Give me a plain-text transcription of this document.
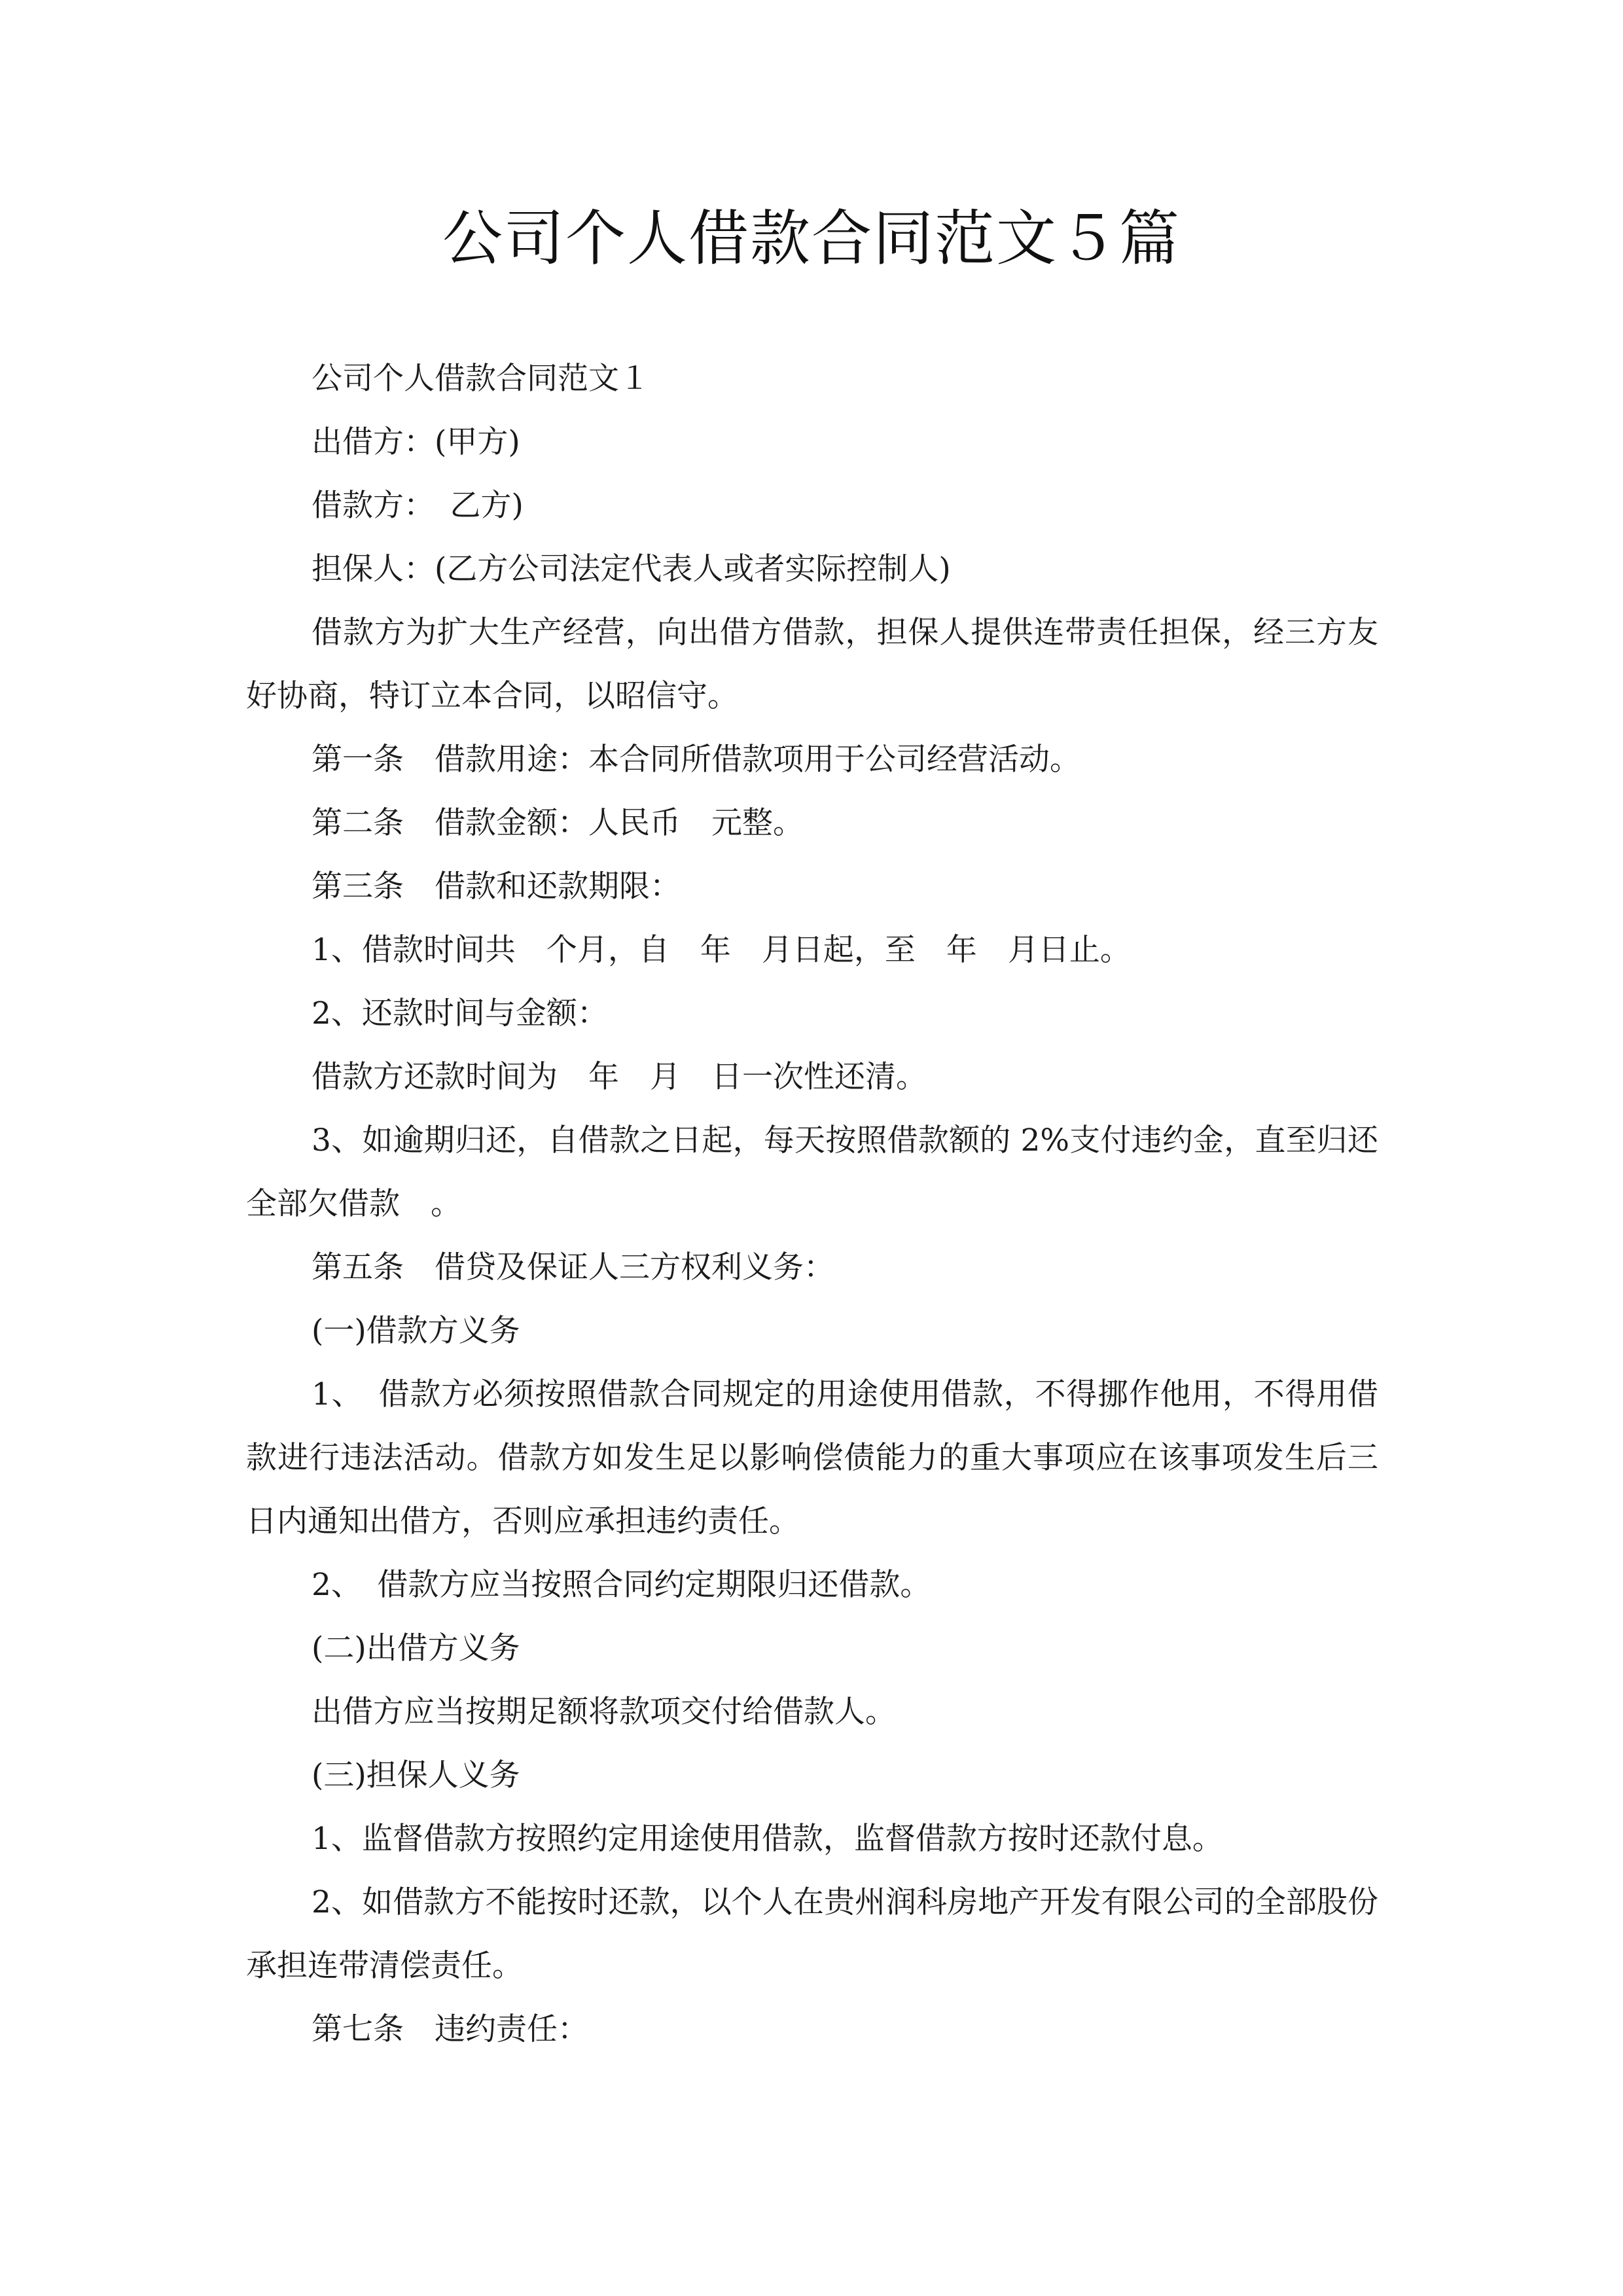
公司个人借款合同范文５篇

公司个人借款合同范文１

出借方：(甲方)

借款方：　乙方)

担保人：(乙方公司法定代表人或者实际控制人)

借款方为扩大生产经营，向出借方借款，担保人提供连带责任担保，经三方友好协商，特订立本合同，以昭信守。

第一条　借款用途：本合同所借款项用于公司经营活动。

第二条　借款金额：人民币　元整。

第三条　借款和还款期限：

1、借款时间共　个月，自　年　月日起，至　年　月日止。

2、还款时间与金额：

借款方还款时间为　年　月　日一次性还清。

3、如逾期归还，自借款之日起，每天按照借款额的 2%支付违约金，直至归还全部欠借款　。

第五条　借贷及保证人三方权利义务：

(一)借款方义务

1、　借款方必须按照借款合同规定的用途使用借款，不得挪作他用，不得用借款进行违法活动。借款方如发生足以影响偿债能力的重大事项应在该事项发生后三日内通知出借方，否则应承担违约责任。

2、　借款方应当按照合同约定期限归还借款。

(二)出借方义务

出借方应当按期足额将款项交付给借款人。

(三)担保人义务

1、监督借款方按照约定用途使用借款，监督借款方按时还款付息。

2、如借款方不能按时还款，以个人在贵州润科房地产开发有限公司的全部股份承担连带清偿责任。

第七条　违约责任：
